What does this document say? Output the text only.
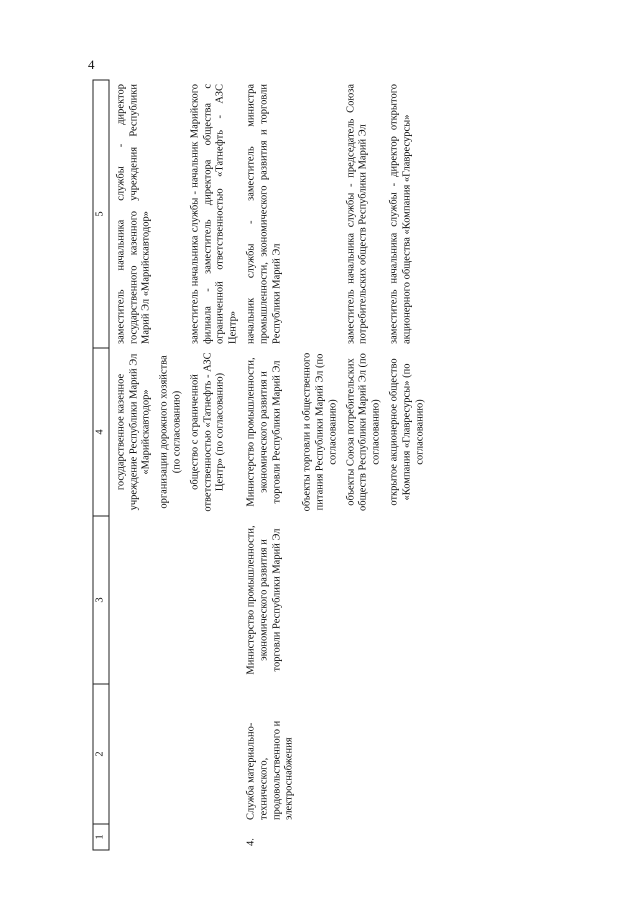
4
1	2	3	4	5

			государственное казенное учреждение Республики Марий Эл «Марийскавтодор»	заместитель начальника службы - директор государственного казенного учреждения Республики Марий Эл «Марийскавтодор»
			организации дорожного хозяйства (по согласованию)	
			общество с ограниченной ответственностью «Татнефть - АЗС Центр» (по согласованию)	заместитель начальника службы - начальник Марийского филиала - заместитель директора общества с ограниченной ответственностью «Татнефть - АЗС Центр»
4.	Служба материально-технического, продовольственного и электроснабжения	Министерство промышленности, экономического развития и торговли Республики Марий Эл	Министерство промышленности, экономического развития и торговли Республики Марий Эл	начальник службы - заместитель министра промышленности, экономического развития и торговли Республики Марий Эл
			объекты торговли и общественного питания Республики Марий Эл (по согласованию)	
			объекты Союза потребительских обществ Республики Марий Эл (по согласованию)	заместитель начальника службы - председатель Союза потребительских обществ Республики Марий Эл
			открытое акционерное общество «Компания «Главресурсы» (по согласованию)	заместитель начальника службы - директор открытого акционерного общества «Компания «Главресурсы»
